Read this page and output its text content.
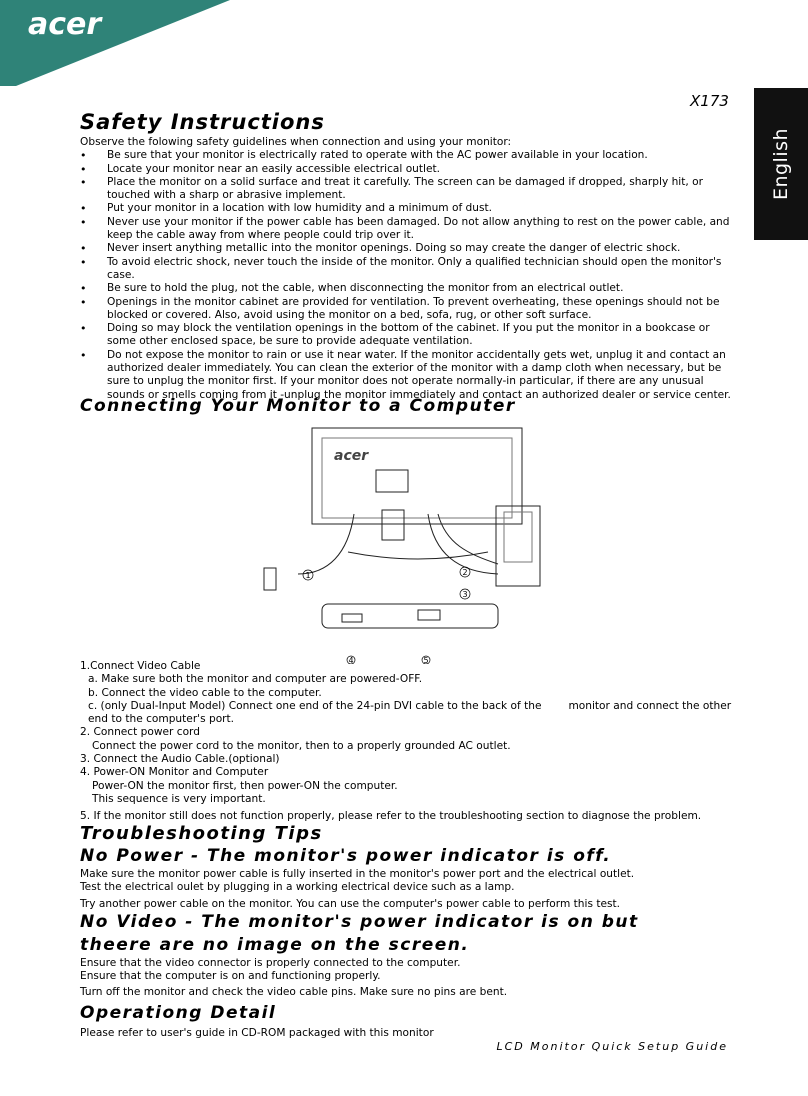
acer
X173
English
Safety Instructions

Observe the folowing safety guidelines when connection and using your monitor:

• Be sure that your monitor is electrically rated to operate with the AC power available in your location.
• Locate your monitor near an easily accessible electrical outlet.
• Place the monitor on a solid surface and treat it carefully. The screen can be damaged if dropped, sharply hit, or touched with a sharp or abrasive implement.
• Put your monitor in a location with low humidity and a minimum of dust.
• Never use your monitor if the power cable has been damaged. Do not allow anything to rest on the power cable, and keep the cable away from where people could trip over it.
• Never insert anything metallic into the monitor openings. Doing so may create the danger of electric shock.
• To avoid electric shock, never touch the inside of the monitor. Only a qualified technician should open the monitor's case.
• Be sure to hold the plug, not the cable, when disconnecting the monitor from an electrical outlet.
• Openings in the monitor cabinet are provided for ventilation. To prevent overheating, these openings should not be blocked or covered. Also, avoid using the monitor on a bed, sofa, rug, or other soft surface.
• Doing so may block the ventilation openings in the bottom of the cabinet. If you put the monitor in a bookcase or some other enclosed space, be sure to provide adequate ventilation.
• Do not expose the monitor to rain or use it near water. If the monitor accidentally gets wet, unplug it and contact an authorized dealer immediately. You can clean the exterior of the monitor with a damp cloth when necessary, but be sure to unplug the monitor first. If your monitor does not operate normally-in particular, if there are any unusual sounds or smells coming from it -unplug the monitor immediately and contact an authorized dealer or service center.
Connecting Your Monitor to a Computer
acer
1	2
3
4	5

1.Connect Video Cable

a. Make sure both the monitor and computer are powered-OFF.

b. Connect the video cable to the computer.

c. (only Dual-Input Model) Connect one end of the 24-pin DVI cable to the back of the        monitor and connect the other end to the computer's port.

2. Connect power cord

Connect the power cord to the monitor, then to a properly grounded AC outlet.

3. Connect the Audio Cable.(optional)

4. Power-ON Monitor and Computer

Power-ON the monitor first, then power-ON the computer.

This sequence is very important.

5. If the monitor still does not function properly, please refer to the troubleshooting section to diagnose the problem.

Troubleshooting Tips
No Power - The monitor's power indicator is off.

Make sure the monitor power cable is fully inserted in the monitor's power port and the electrical outlet.

Test the electrical oulet by plugging in a working electrical device such as a lamp.

Try another power cable on the monitor. You can use the computer's power cable to perform this test.

No Video - The monitor's power indicator is on but theere are no image on the screen.

Ensure that the video connector is properly connected to the computer.

Ensure that the computer is on and functioning properly.

Turn off the monitor and check the video cable pins. Make sure no pins are bent.

Operationg Detail

Please refer to user's guide in CD-ROM packaged with this monitor

LCD Monitor Quick Setup Guide
